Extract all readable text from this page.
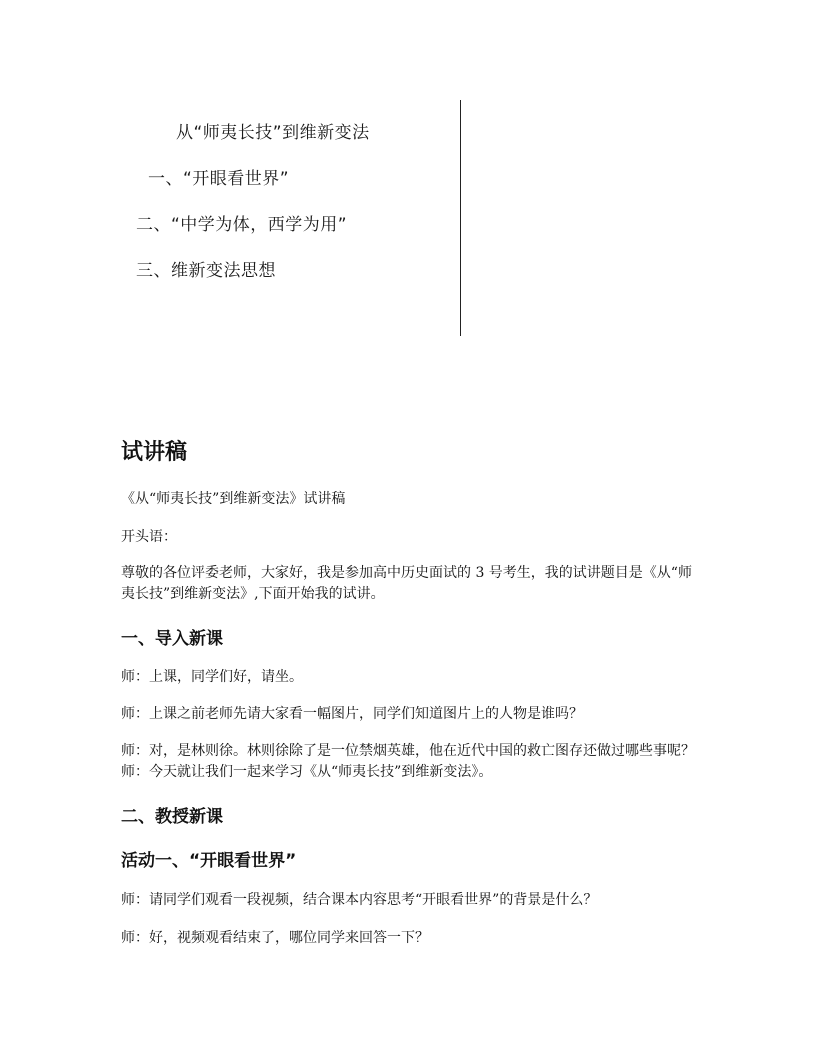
从“师夷长技”到维新变法
一、“开眼看世界”
二、“中学为体，西学为用”
三、维新变法思想
试讲稿
《从“师夷长技”到维新变法》试讲稿
开头语：
尊敬的各位评委老师，大家好，我是参加高中历史面试的 3 号考生，我的试讲题目是《从“师夷长技”到维新变法》,下面开始我的试讲。
一、导入新课
师：上课，同学们好，请坐。
师：上课之前老师先请大家看一幅图片，同学们知道图片上的人物是谁吗？
师：对，是林则徐。林则徐除了是一位禁烟英雄，他在近代中国的救亡图存还做过哪些事呢？师：今天就让我们一起来学习《从“师夷长技”到维新变法》。
二、教授新课
活动一、“开眼看世界”
师：请同学们观看一段视频，结合课本内容思考“开眼看世界”的背景是什么？
师：好，视频观看结束了，哪位同学来回答一下？
